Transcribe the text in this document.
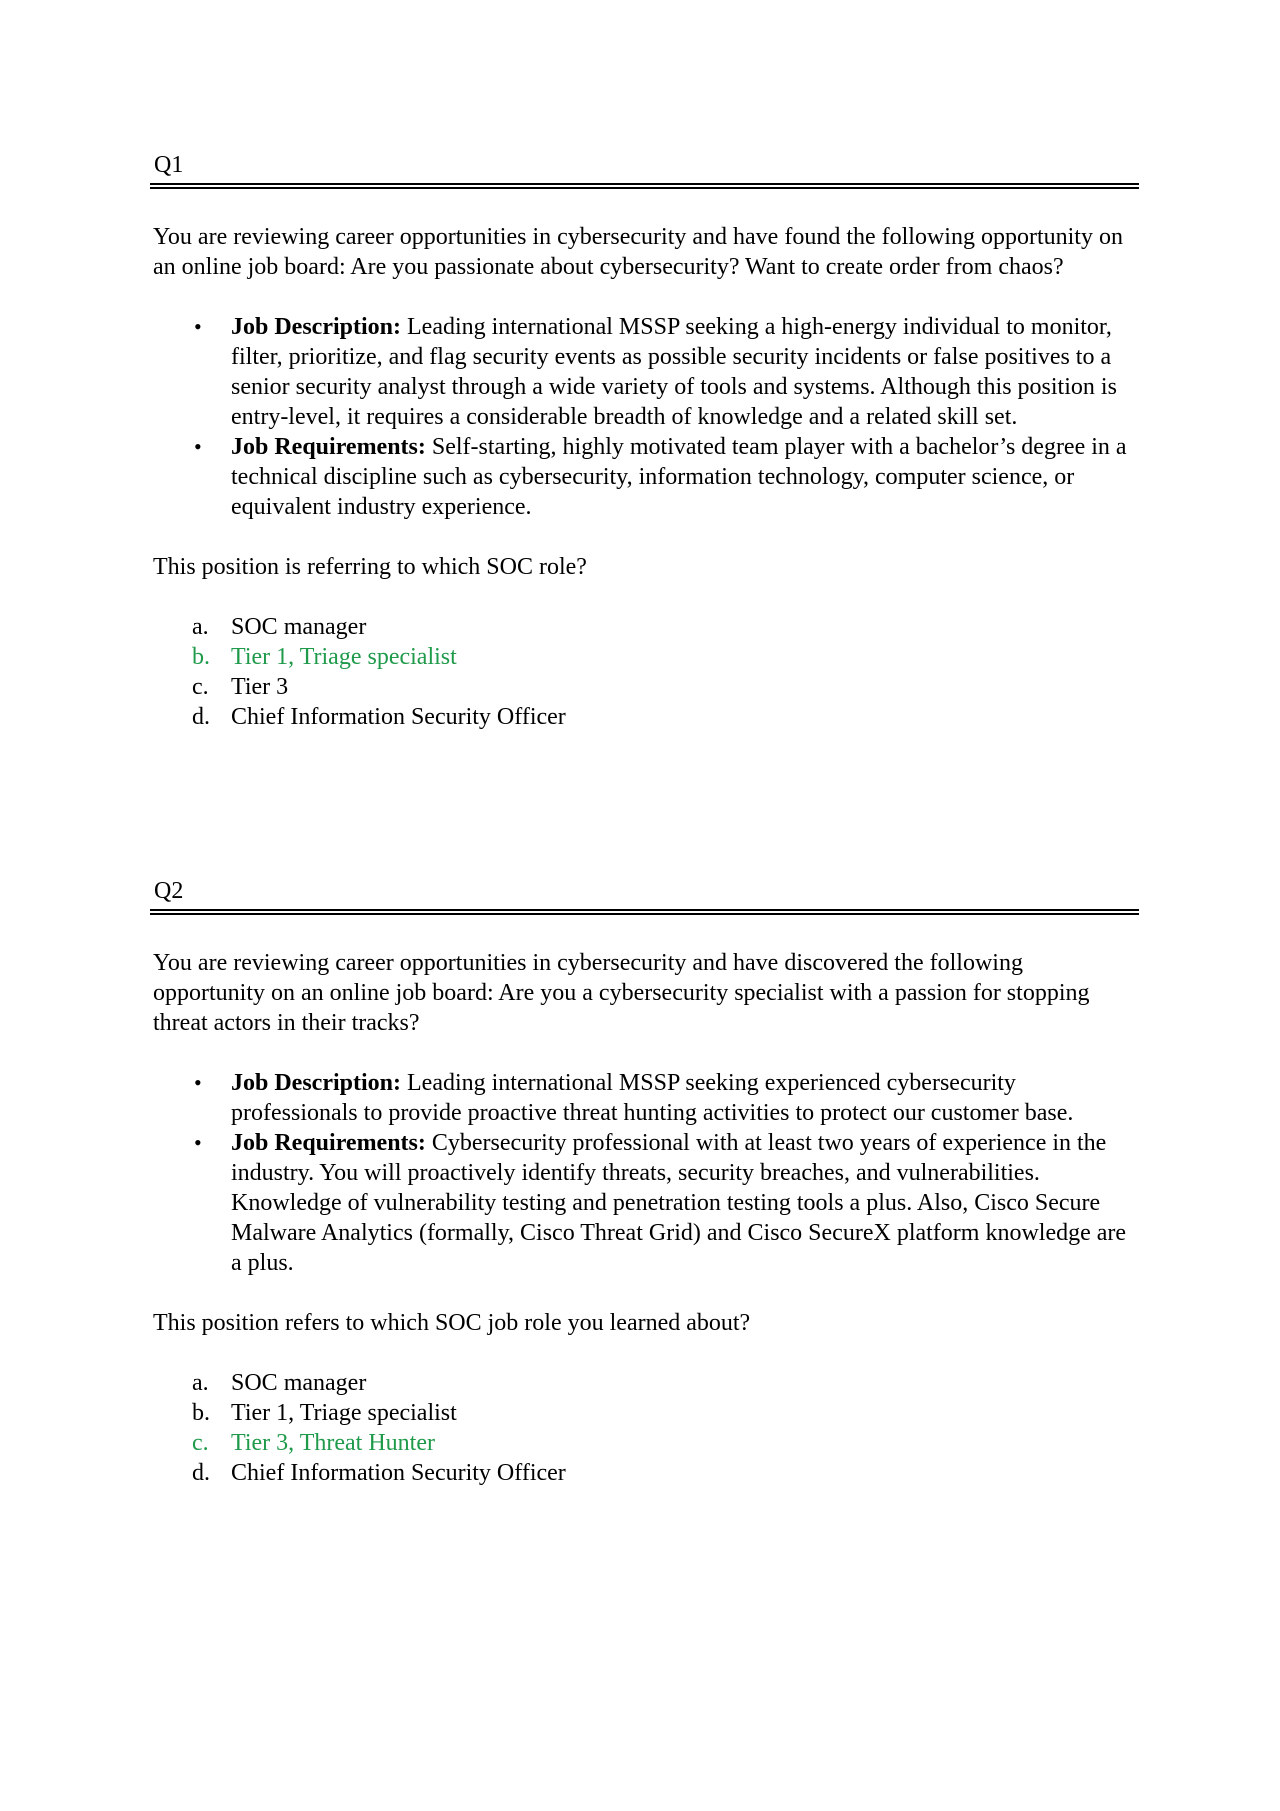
Q1

You are reviewing career opportunities in cybersecurity and have found the following opportunity on an online job board: Are you passionate about cybersecurity? Want to create order from chaos?

• Job Description: Leading international MSSP seeking a high-energy individual to monitor, filter, prioritize, and flag security events as possible security incidents or false positives to a senior security analyst through a wide variety of tools and systems. Although this position is entry-level, it requires a considerable breadth of knowledge and a related skill set.
• Job Requirements: Self-starting, highly motivated team player with a bachelor’s degree in a technical discipline such as cybersecurity, information technology, computer science, or equivalent industry experience.

This position is referring to which SOC role?

a. SOC manager
b. Tier 1, Triage specialist
c. Tier 3
d. Chief Information Security Officer
Q2

You are reviewing career opportunities in cybersecurity and have discovered the following opportunity on an online job board: Are you a cybersecurity specialist with a passion for stopping threat actors in their tracks?

• Job Description: Leading international MSSP seeking experienced cybersecurity professionals to provide proactive threat hunting activities to protect our customer base.
• Job Requirements: Cybersecurity professional with at least two years of experience in the industry. You will proactively identify threats, security breaches, and vulnerabilities. Knowledge of vulnerability testing and penetration testing tools a plus. Also, Cisco Secure Malware Analytics (formally, Cisco Threat Grid) and Cisco SecureX platform knowledge are a plus.

This position refers to which SOC job role you learned about?

a. SOC manager
b. Tier 1, Triage specialist
c. Tier 3, Threat Hunter
d. Chief Information Security Officer
